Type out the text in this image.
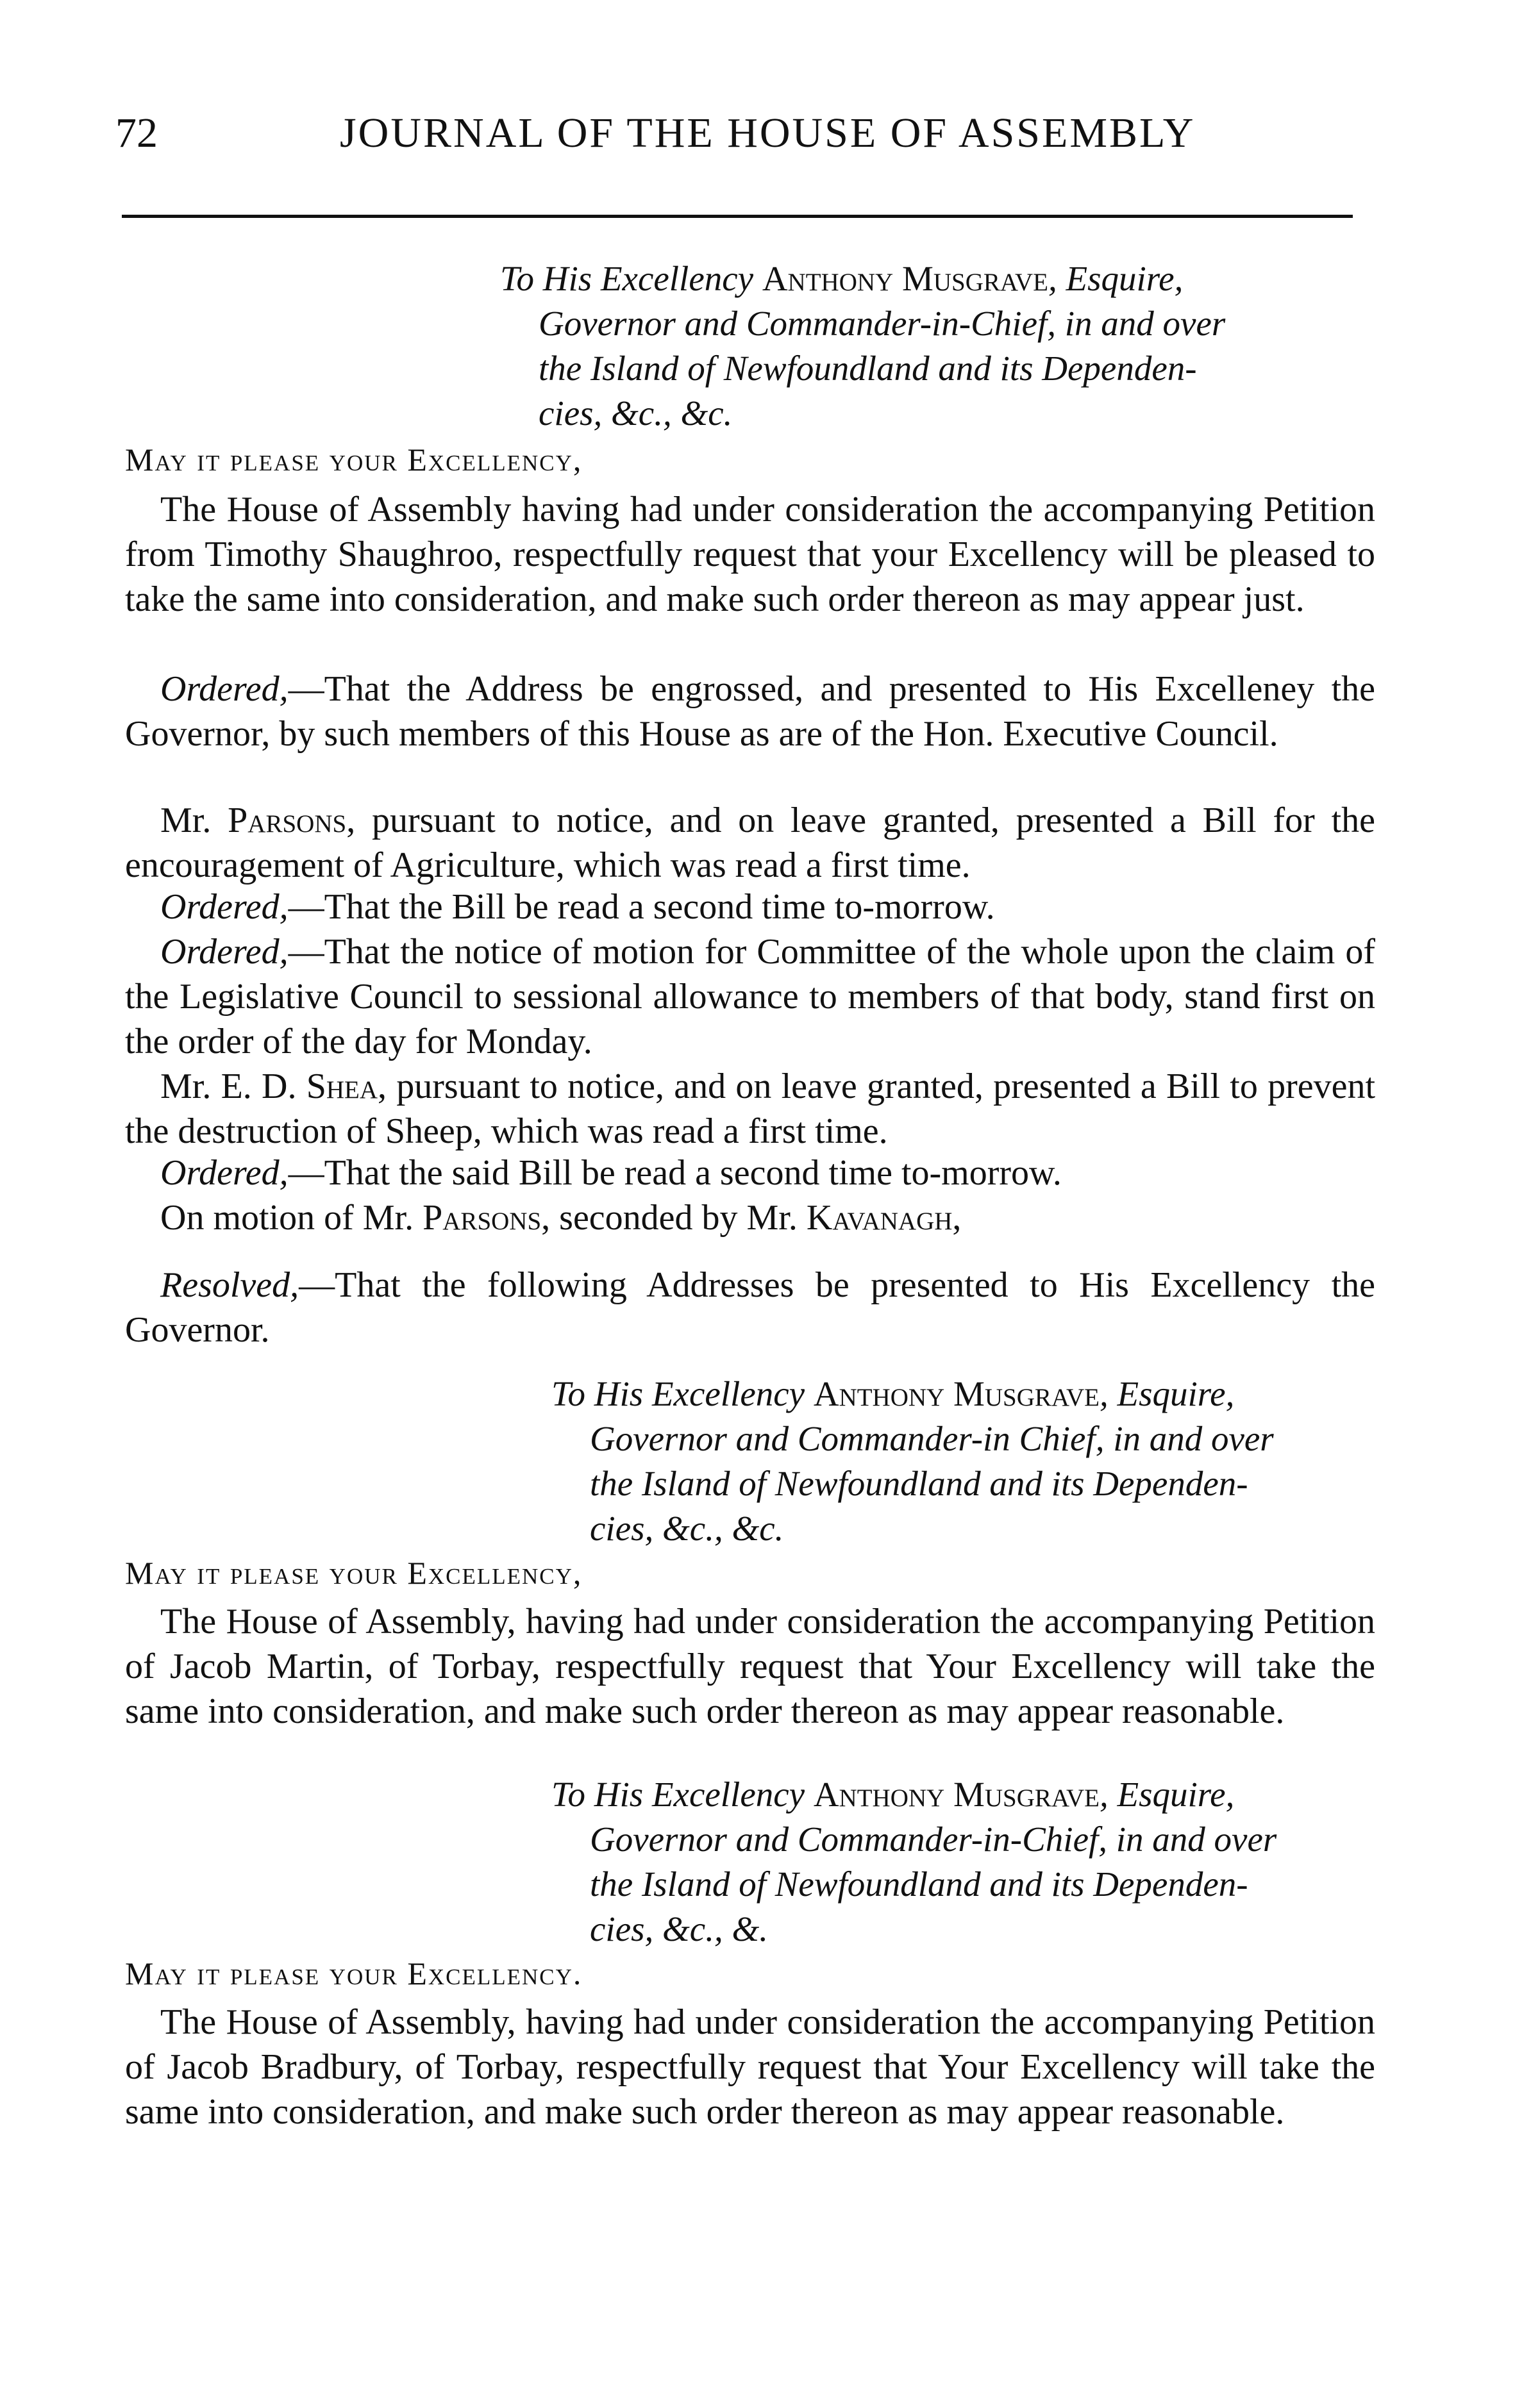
72	JOURNAL OF THE HOUSE OF ASSEMBLY
To His Excellency Anthony Musgrave, Esquire,
Governor and Commander-in-Chief, in and over
the Island of Newfoundland and its Dependen-
cies, &c., &c.
May it please your Excellency,
The House of Assembly having had under consideration the accompanying Petition from Timothy Shaughroo, respectfully request that your Excellency will be pleased to take the same into consideration, and make such order thereon as may appear just.
Ordered,—That the Address be engrossed, and presented to His Excelleney the Governor, by such members of this House as are of the Hon. Executive Council.
Mr. Parsons, pursuant to notice, and on leave granted, presented a Bill for the encouragement of Agriculture, which was read a first time.
Ordered,—That the Bill be read a second time to-morrow.
Ordered,—That the notice of motion for Committee of the whole upon the claim of the Legislative Council to sessional allowance to members of that body, stand first on the order of the day for Monday.
Mr. E. D. Shea, pursuant to notice, and on leave granted, presented a Bill to prevent the destruction of Sheep, which was read a first time.
Ordered,—That the said Bill be read a second time to-morrow.
On motion of Mr. Parsons, seconded by Mr. Kavanagh,
Resolved,—That the following Addresses be presented to His Excellency the Governor.
To His Excellency Anthony Musgrave, Esquire,
Governor and Commander-in Chief, in and over
the Island of Newfoundland and its Dependen-
cies, &c., &c.
May it please your Excellency,
The House of Assembly, having had under consideration the accompanying Petition of Jacob Martin, of Torbay, respectfully request that Your Excellency will take the same into consideration, and make such order thereon as may appear reasonable.
To His Excellency Anthony Musgrave, Esquire,
Governor and Commander-in-Chief, in and over
the Island of Newfoundland and its Dependen-
cies, &c., &.
May it please your Excellency.
The House of Assembly, having had under consideration the accompanying Petition of Jacob Bradbury, of Torbay, respectfully request that Your Excellency will take the same into consideration, and make such order thereon as may appear reasonable.
